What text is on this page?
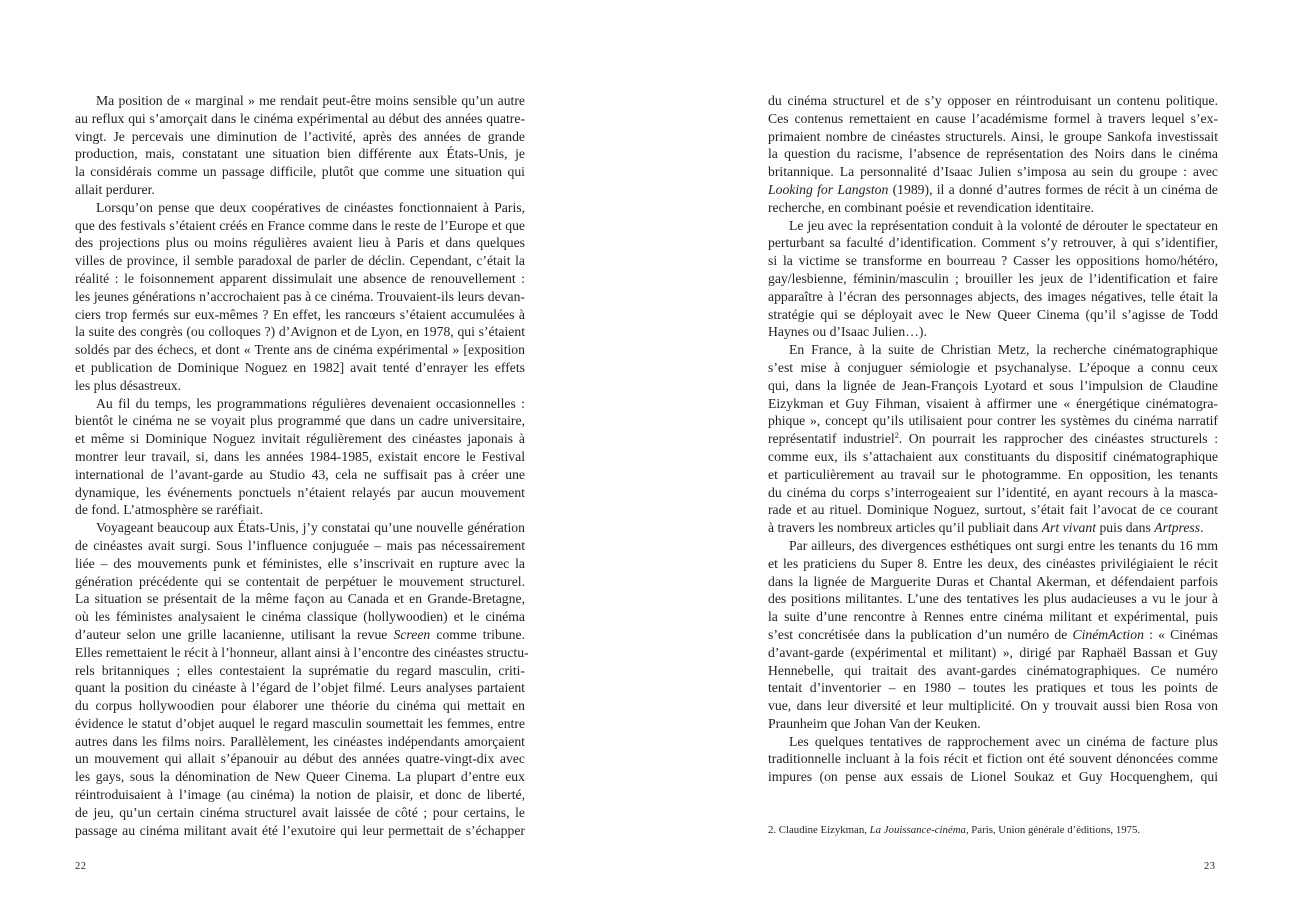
Ma position de « marginal » me rendait peut-être moins sensible qu’un autre
au reflux qui s’amorçait dans le cinéma expérimental au début des années quatre-
vingt. Je percevais une diminution de l’activité, après des années de grande
production, mais, constatant une situation bien différente aux États-Unis, je
la considérais comme un passage difficile, plutôt que comme une situation qui
allait perdurer.
Lorsqu’on pense que deux coopératives de cinéastes fonctionnaient à Paris,
que des festivals s’étaient créés en France comme dans le reste de l’Europe et que
des projections plus ou moins régulières avaient lieu à Paris et dans quelques
villes de province, il semble paradoxal de parler de déclin. Cependant, c’était la
réalité : le foisonnement apparent dissimulait une absence de renouvellement :
les jeunes générations n’accrochaient pas à ce cinéma. Trouvaient-ils leurs devan-
ciers trop fermés sur eux-mêmes ? En effet, les rancœurs s’étaient accumulées à
la suite des congrès (ou colloques ?) d’Avignon et de Lyon, en 1978, qui s’étaient
soldés par des échecs, et dont « Trente ans de cinéma expérimental » [exposition
et publication de Dominique Noguez en 1982] avait tenté d’enrayer les effets
les plus désastreux.
Au fil du temps, les programmations régulières devenaient occasionnelles :
bientôt le cinéma ne se voyait plus programmé que dans un cadre universitaire,
et même si Dominique Noguez invitait régulièrement des cinéastes japonais à
montrer leur travail, si, dans les années 1984-1985, existait encore le Festival
international de l’avant-garde au Studio 43, cela ne suffisait pas à créer une
dynamique, les événements ponctuels n’étaient relayés par aucun mouvement
de fond. L’atmosphère se raréfiait.
Voyageant beaucoup aux États-Unis, j’y constatai qu’une nouvelle génération
de cinéastes avait surgi. Sous l’influence conjuguée – mais pas nécessairement
liée – des mouvements punk et féministes, elle s’inscrivait en rupture avec la
génération précédente qui se contentait de perpétuer le mouvement structurel.
La situation se présentait de la même façon au Canada et en Grande-Bretagne,
où les féministes analysaient le cinéma classique (hollywoodien) et le cinéma
d’auteur selon une grille lacanienne, utilisant la revue Screen comme tribune.
Elles remettaient le récit à l’honneur, allant ainsi à l’encontre des cinéastes structu-
rels britanniques ; elles contestaient la suprématie du regard masculin, criti-
quant la position du cinéaste à l’égard de l’objet filmé. Leurs analyses partaient
du corpus hollywoodien pour élaborer une théorie du cinéma qui mettait en
évidence le statut d’objet auquel le regard masculin soumettait les femmes, entre
autres dans les films noirs. Parallèlement, les cinéastes indépendants amorçaient
un mouvement qui allait s’épanouir au début des années quatre-vingt-dix avec
les gays, sous la dénomination de New Queer Cinema. La plupart d’entre eux
réintroduisaient à l’image (au cinéma) la notion de plaisir, et donc de liberté,
de jeu, qu’un certain cinéma structurel avait laissée de côté ; pour certains, le
passage au cinéma militant avait été l’exutoire qui leur permettait de s’échapper
du cinéma structurel et de s’y opposer en réintroduisant un contenu politique.
Ces contenus remettaient en cause l’académisme formel à travers lequel s’ex-
primaient nombre de cinéastes structurels. Ainsi, le groupe Sankofa investissait
la question du racisme, l’absence de représentation des Noirs dans le cinéma
britannique. La personnalité d’Isaac Julien s’imposa au sein du groupe : avec
Looking for Langston (1989), il a donné d’autres formes de récit à un cinéma de
recherche, en combinant poésie et revendication identitaire.
Le jeu avec la représentation conduit à la volonté de dérouter le spectateur en
perturbant sa faculté d’identification. Comment s’y retrouver, à qui s’identifier,
si la victime se transforme en bourreau ? Casser les oppositions homo/hétéro,
gay/lesbienne, féminin/masculin ; brouiller les jeux de l’identification et faire
apparaître à l’écran des personnages abjects, des images négatives, telle était la
stratégie qui se déployait avec le New Queer Cinema (qu’il s’agisse de Todd
Haynes ou d’Isaac Julien…).
En France, à la suite de Christian Metz, la recherche cinématographique
s’est mise à conjuguer sémiologie et psychanalyse. L’époque a connu ceux
qui, dans la lignée de Jean-François Lyotard et sous l’impulsion de Claudine
Eizykman et Guy Fihman, visaient à affirmer une « énergétique cinématogra-
phique », concept qu’ils utilisaient pour contrer les systèmes du cinéma narratif
représentatif industriel$^2$. On pourrait les rapprocher des cinéastes structurels :
comme eux, ils s’attachaient aux constituants du dispositif cinématographique
et particulièrement au travail sur le photogramme. En opposition, les tenants
du cinéma du corps s’interrogeaient sur l’identité, en ayant recours à la masca-
rade et au rituel. Dominique Noguez, surtout, s’était fait l’avocat de ce courant
à travers les nombreux articles qu’il publiait dans Art vivant puis dans Artpress.
Par ailleurs, des divergences esthétiques ont surgi entre les tenants du 16 mm
et les praticiens du Super 8. Entre les deux, des cinéastes privilégiaient le récit
dans la lignée de Marguerite Duras et Chantal Akerman, et défendaient parfois
des positions militantes. L’une des tentatives les plus audacieuses a vu le jour à
la suite d’une rencontre à Rennes entre cinéma militant et expérimental, puis
s’est concrétisée dans la publication d’un numéro de CinémAction : « Cinémas
d’avant-garde (expérimental et militant) », dirigé par Raphaël Bassan et Guy
Hennebelle, qui traitait des avant-gardes cinématographiques. Ce numéro
tentait d’inventorier – en 1980 – toutes les pratiques et tous les points de
vue, dans leur diversité et leur multiplicité. On y trouvait aussi bien Rosa von
Praunheim que Johan Van der Keuken.
Les quelques tentatives de rapprochement avec un cinéma de facture plus
traditionnelle incluant à la fois récit et fiction ont été souvent dénoncées comme
impures (on pense aux essais de Lionel Soukaz et Guy Hocquenghem, qui
2. Claudine Eizykman, La Jouissance-cinéma, Paris, Union générale d’éditions, 1975.
22	23
